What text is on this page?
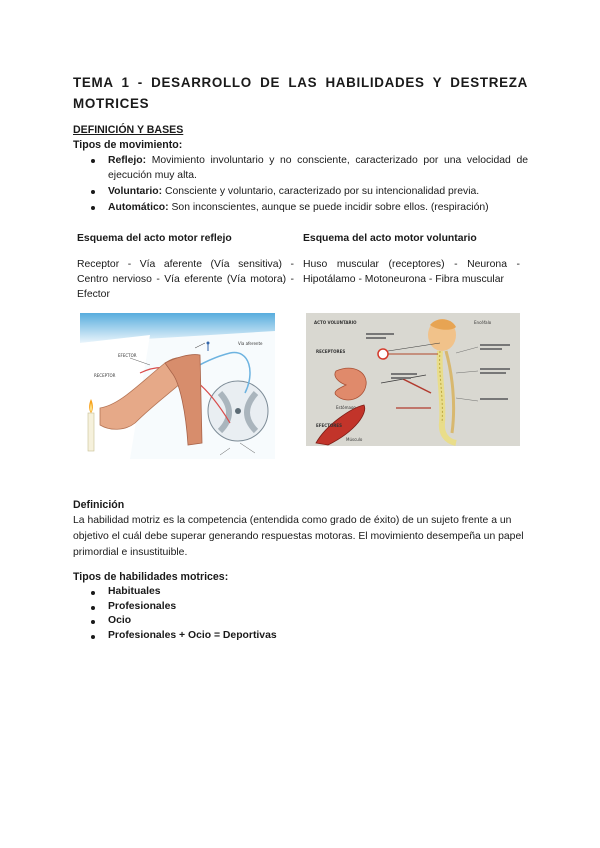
TEMA 1 - DESARROLLO DE LAS HABILIDADES Y DESTREZA MOTRICES
DEFINICIÓN Y BASES
Tipos de movimiento:
Reflejo: Movimiento involuntario y no consciente, caracterizado por una velocidad de ejecución muy alta.
Voluntario: Consciente y voluntario, caracterizado por su intencionalidad previa.
Automático: Son inconscientes, aunque se puede incidir sobre ellos. (respiración)
Esquema del acto motor reflejo	Esquema del acto motor voluntario
Receptor - Vía aferente (Vía sensitiva) - Centro nervioso - Vía eferente (Vía motora) - Efector
Huso muscular (receptores) - Neurona - Hipotálamo - Motoneurona - Fibra muscular
EFECTOR
RECEPTOR
Vía aferente
ACTO VOLUNTARIO	Encéfalo
RECEPTORES
Estómago
EFECTORES
Músculo
Definición
La habilidad motriz es la competencia (entendida como grado de éxito) de un sujeto frente a un objetivo el cuál debe superar generando respuestas motoras. El movimiento desempeña un papel primordial e insustituible.
Tipos de habilidades motrices:
Habituales
Profesionales
Ocio
Profesionales + Ocio = Deportivas
